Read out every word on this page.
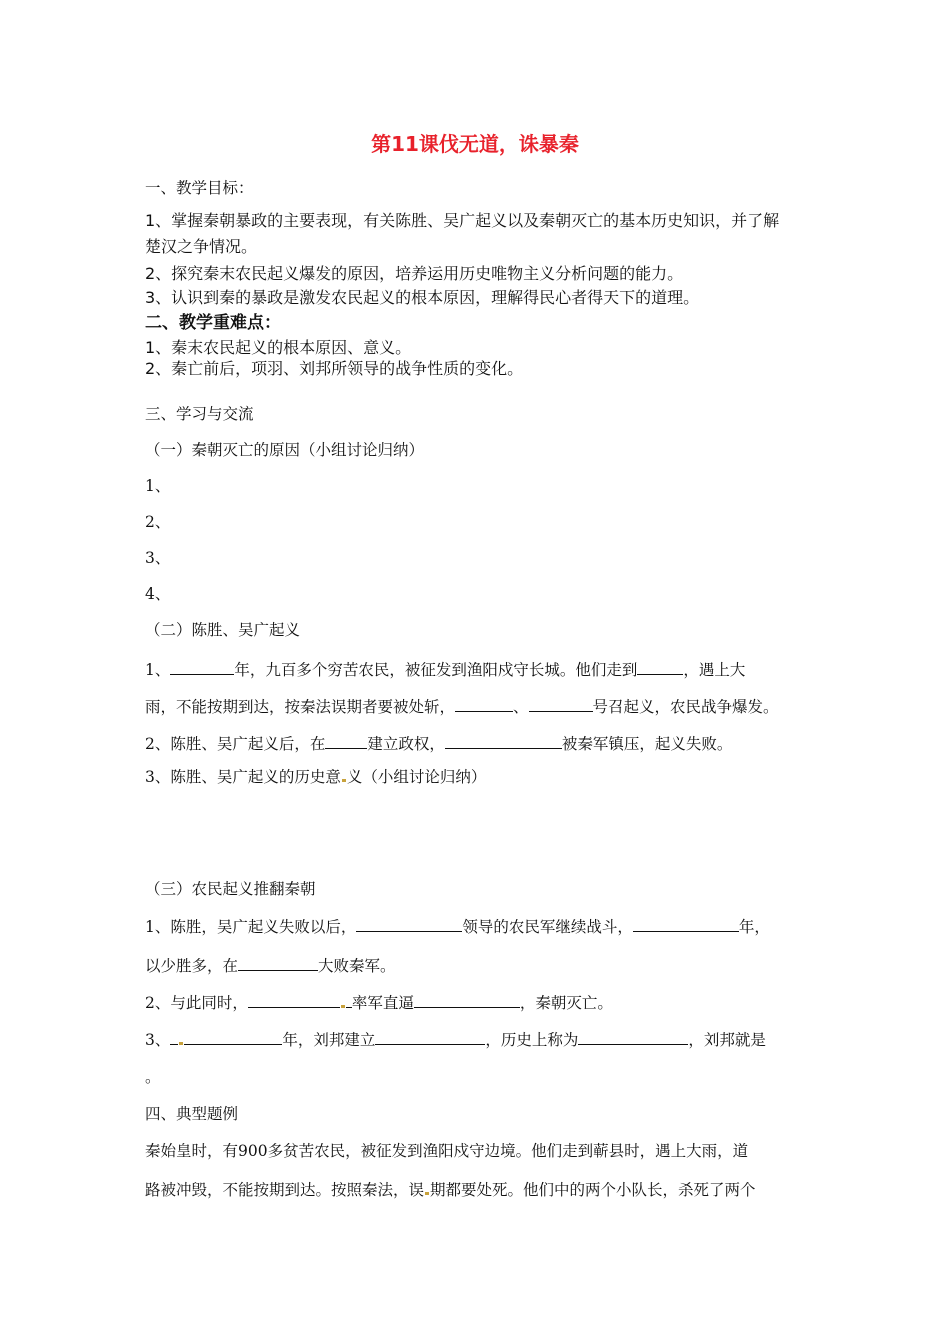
第11课伐无道，诛暴秦
一、教学目标：
1、掌握秦朝暴政的主要表现，有关陈胜、吴广起义以及秦朝灭亡的基本历史知识，并了解
楚汉之争情况。
2、探究秦末农民起义爆发的原因，培养运用历史唯物主义分析问题的能力。
3、认识到秦的暴政是激发农民起义的根本原因，理解得民心者得天下的道理。
二、教学重难点：
1、秦末农民起义的根本原因、意义。
2、秦亡前后，项羽、刘邦所领导的战争性质的变化。
三、学习与交流
（一）秦朝灭亡的原因（小组讨论归纳）
1、
2、
3、
4、
（二）陈胜、吴广起义
1、	年，九百多个穷苦农民，被征发到渔阳戍守长城。他们走到	，遇上大
雨，不能按期到达，按秦法误期者要被处斩，	、	号召起义，农民战争爆发。
2、陈胜、吴广起义后，在	建立政权，	被秦军镇压，起义失败。
3、陈胜、吴广起义的历史意 义（小组讨论归纳）
（三）农民起义推翻秦朝
1、陈胜，吴广起义失败以后，	领导的农民军继续战斗，	年，
以少胜多，在	大败秦军。
2、与此同时，	率军直逼	，秦朝灭亡。
3、	年，刘邦建立	，历史上称为	，刘邦就是
。
四、典型题例
秦始皇时，有900多贫苦农民，被征发到渔阳戍守边境。他们走到蕲县时，遇上大雨，道
路被冲毁，不能按期到达。按照秦法，误 期都要处死。他们中的两个小队长，杀死了两个
